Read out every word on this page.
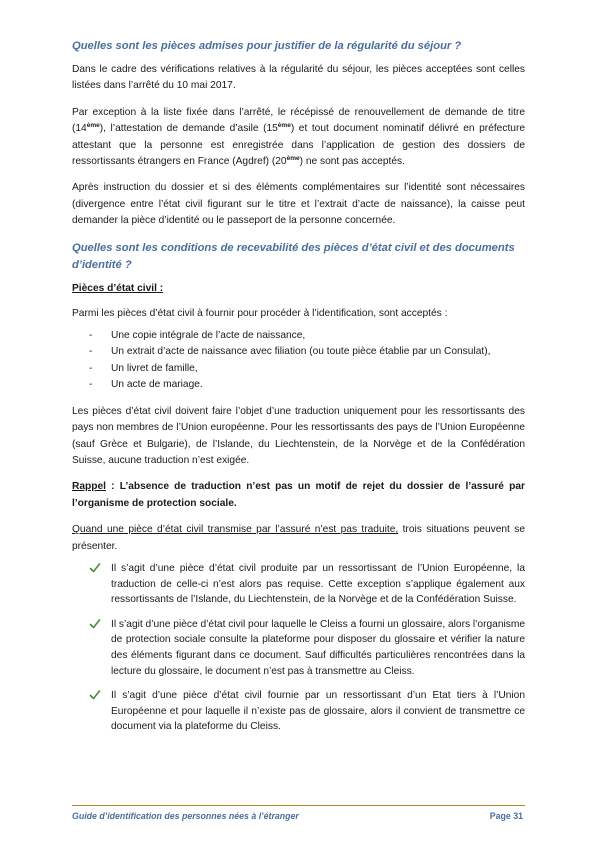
Quelles sont les pièces admises pour justifier de la régularité du séjour ?

Dans le cadre des vérifications relatives à la régularité du séjour, les pièces acceptées sont celles listées dans l’arrêté du 10 mai 2017.

Par exception à la liste fixée dans l’arrêté, le récépissé de renouvellement de demande de titre (14ème), l’attestation de demande d’asile (15ème) et tout document nominatif délivré en préfecture attestant que la personne est enregistrée dans l’application de gestion des dossiers de ressortissants étrangers en France (Agdref) (20ème) ne sont pas acceptés.

Après instruction du dossier et si des éléments complémentaires sur l’identité sont nécessaires (divergence entre l’état civil figurant sur le titre et l’extrait d’acte de naissance), la caisse peut demander la pièce d’identité ou le passeport de la personne concernée.

Quelles sont les conditions de recevabilité des pièces d’état civil et des documents d’identité ?
Pièces d’état civil :

Parmi les pièces d’état civil à fournir pour procéder à l’identification, sont acceptés :

- Une copie intégrale de l’acte de naissance,
- Un extrait d’acte de naissance avec filiation (ou toute pièce établie par un Consulat),
- Un livret de famille,
- Un acte de mariage.

Les pièces d’état civil doivent faire l’objet d’une traduction uniquement pour les ressortissants des pays non membres de l’Union européenne. Pour les ressortissants des pays de l’Union Européenne (sauf Grèce et Bulgarie), de l’Islande, du Liechtenstein, de la Norvège et de la Confédération Suisse, aucune traduction n’est exigée.

Rappel : L’absence de traduction n’est pas un motif de rejet du dossier de l’assuré par l’organisme de protection sociale.

Quand une pièce d’état civil transmise par l’assuré n’est pas traduite, trois situations peuvent se présenter.

Il s’agit d’une pièce d’état civil produite par un ressortissant de l’Union Européenne, la traduction de celle-ci n’est alors pas requise. Cette exception s’applique également aux ressortissants de l’Islande, du Liechtenstein, de la Norvège et de la Confédération Suisse.
Il s’agit d’une pièce d’état civil pour laquelle le Cleiss a fourni un glossaire, alors l’organisme de protection sociale consulte la plateforme pour disposer du glossaire et vérifier la nature des éléments figurant dans ce document. Sauf difficultés particulières rencontrées dans la lecture du glossaire, le document n’est pas à transmettre au Cleiss.
Il s’agit d’une pièce d’état civil fournie par un ressortissant d’un Etat tiers à l’Union Européenne et pour laquelle il n’existe pas de glossaire, alors il convient de transmettre ce document via la plateforme du Cleiss.
Guide d’identification des personnes nées à l’étranger	Page 31
